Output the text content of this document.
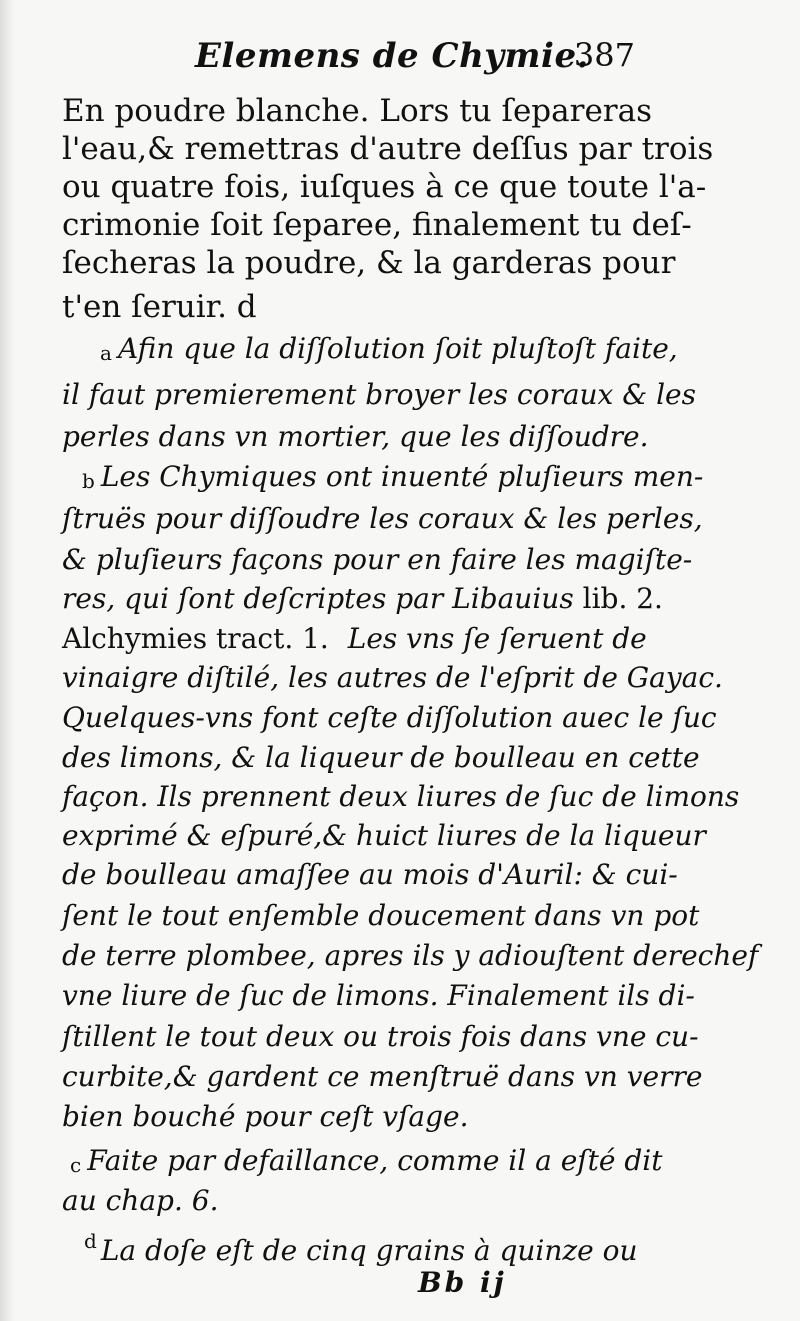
Elemens de Chymie.
387
En poudre blanche. Lors tu ſepareras
l'eau,& remettras d'autre deſſus par trois
ou quatre fois, iuſques à ce que toute l'a-
crimonie ſoit ſeparee, finalement tu deſ-
ſecheras la poudre, & la garderas pour
t'en ſeruir. d
a Afin que la diſſolution ſoit pluſtoſt faite,
il faut premierement broyer les coraux & les
perles dans vn mortier, que les diſſoudre.
b Les Chymiques ont inuenté pluſieurs men-
ſtruës pour diſſoudre les coraux & les perles,
& pluſieurs façons pour en faire les magiſte-
res, qui ſont deſcriptes par Libauius lib. 2.
Alchymies tract. 1. Les vns ſe ſeruent de
vinaigre diſtilé, les autres de l'eſprit de Gayac.
Quelques-vns font ceſte diſſolution auec le ſuc
des limons, & la liqueur de boulleau en cette
façon. Ils prennent deux liures de ſuc de limons
exprimé & eſpuré,& huict liures de la liqueur
de boulleau amaſſee au mois d'Auril: & cui-
ſent le tout enſemble doucement dans vn pot
de terre plombee, apres ils y adiouſtent derechef
vne liure de ſuc de limons. Finalement ils di-
ſtillent le tout deux ou trois fois dans vne cu-
curbite,& gardent ce menſtruë dans vn verre
bien bouché pour ceſt vſage.
c Faite par defaillance, comme il a eſté dit
au chap. 6.
$^d$ La doſe eſt de cinq grains à quinze ou
Bb ij
